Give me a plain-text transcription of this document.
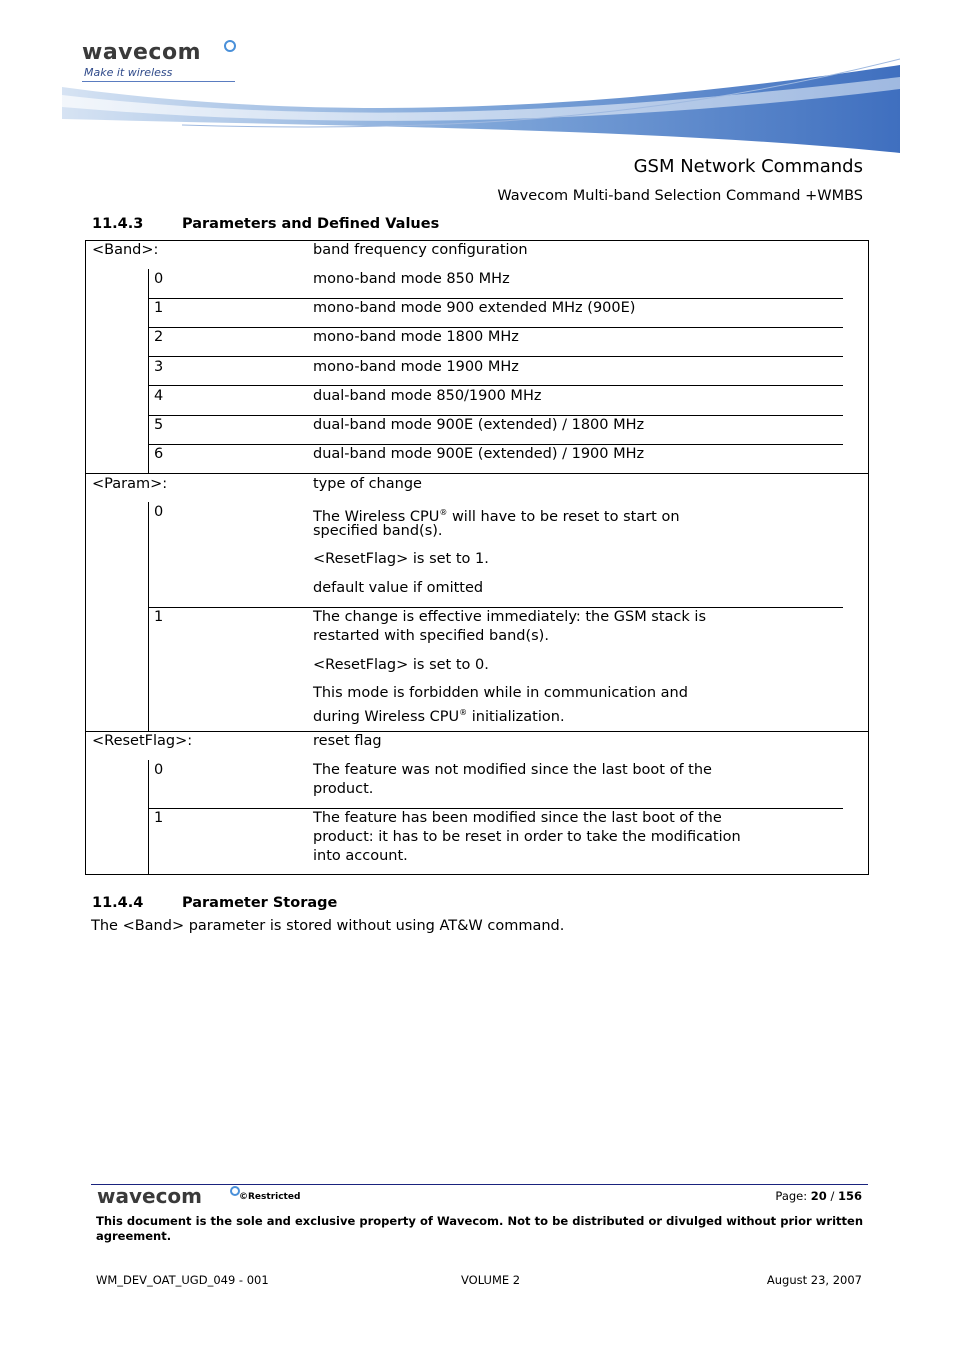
wavecom
Make it wireless
GSM Network Commands
Wavecom Multi-band Selection Command +WMBS
11.4.3	Parameters and Defined Values
<Band>:	band frequency configuration
0	mono-band mode 850 MHz
1	mono-band mode 900 extended MHz (900E)
2	mono-band mode 1800 MHz
3	mono-band mode 1900 MHz
4	dual-band mode 850/1900 MHz
5	dual-band mode 900E (extended) / 1800 MHz
6	dual-band mode 900E (extended) / 1900 MHz
<Param>:	type of change
0	The Wireless CPU® will have to be reset to start on
specified band(s).
<ResetFlag> is set to 1.
default value if omitted
1	The change is effective immediately: the GSM stack is
restarted with specified band(s).
<ResetFlag> is set to 0.
This mode is forbidden while in communication and
during Wireless CPU® initialization.
<ResetFlag>:	reset flag
0	The feature was not modified since the last boot of the
product.
1	The feature has been modified since the last boot of the
product: it has to be reset in order to take the modification
into account.
11.4.4	Parameter Storage
The <Band> parameter is stored without using AT&W command.
wavecom	©Restricted	Page: 20 / 156
This document is the sole and exclusive property of Wavecom. Not to be distributed or divulged without prior written agreement.
WM_DEV_OAT_UGD_049 - 001	VOLUME 2	August 23, 2007
